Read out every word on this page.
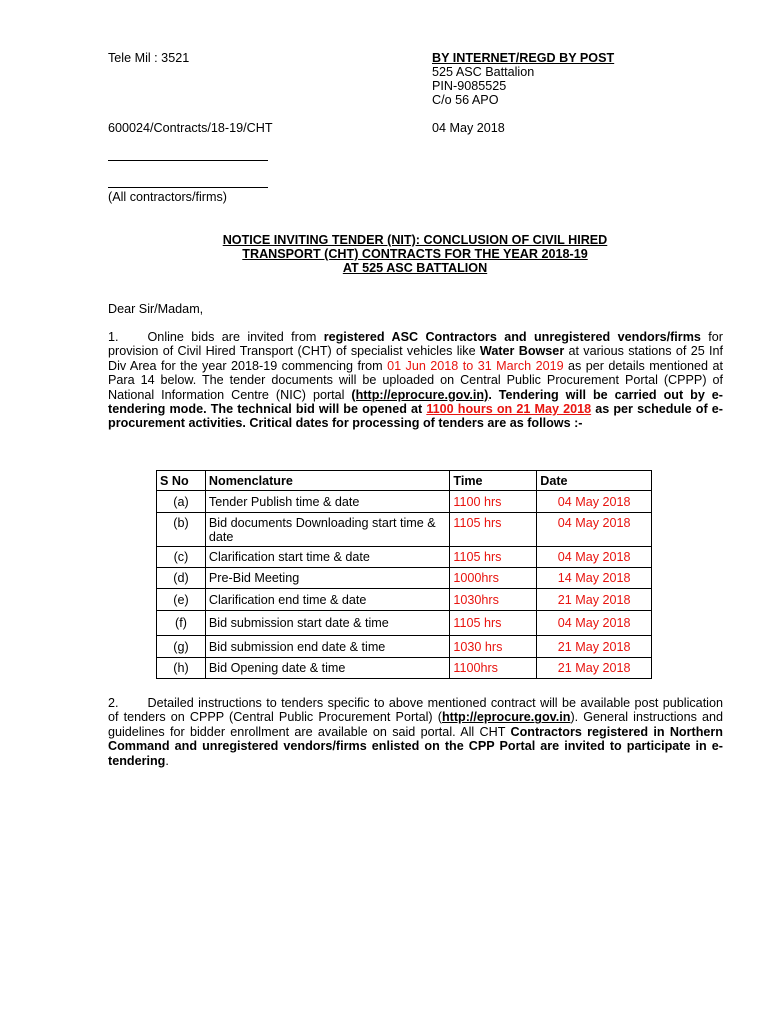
Tele Mil : 3521	BY INTERNET/REGD BY POST
525 ASC Battalion
PIN-9085525
C/o 56 APO
600024/Contracts/18-19/CHT	04 May 2018
(All contractors/firms)
NOTICE INVITING TENDER (NIT): CONCLUSION OF CIVIL HIRED
TRANSPORT (CHT) CONTRACTS FOR THE YEAR 2018-19
AT 525 ASC BATTALION
Dear Sir/Madam,
1. Online bids are invited from registered ASC Contractors and unregistered vendors/firms for provision of Civil Hired Transport (CHT) of specialist vehicles like Water Bowser at various stations of 25 Inf Div Area for the year 2018-19 commencing from 01 Jun 2018 to 31 March 2019 as per details mentioned at Para 14 below. The tender documents will be uploaded on Central Public Procurement Portal (CPPP) of National Information Centre (NIC) portal (http://eprocure.gov.in). Tendering will be carried out by e-tendering mode. The technical bid will be opened at 1100 hours on 21 May 2018 as per schedule of e-procurement activities. Critical dates for processing of tenders are as follows :-
S No	Nomenclature	Time	Date
(a)	Tender Publish time & date	1100 hrs	04 May 2018
(b)	Bid documents Downloading start time & date	1105 hrs	04 May 2018
(c)	Clarification start time & date	1105 hrs	04 May 2018
(d)	Pre-Bid Meeting	1000hrs	14 May 2018
(e)	Clarification end time & date	1030hrs	21 May 2018
(f)	Bid submission start date & time	1105 hrs	04 May 2018
(g)	Bid submission end date & time	1030 hrs	21 May 2018
(h)	Bid Opening date & time	1100hrs	21 May 2018
2. Detailed instructions to tenders specific to above mentioned contract will be available post publication of tenders on CPPP (Central Public Procurement Portal) (http://eprocure.gov.in). General instructions and guidelines for bidder enrollment are available on said portal. All CHT Contractors registered in Northern Command and unregistered vendors/firms enlisted on the CPP Portal are invited to participate in e-tendering.
